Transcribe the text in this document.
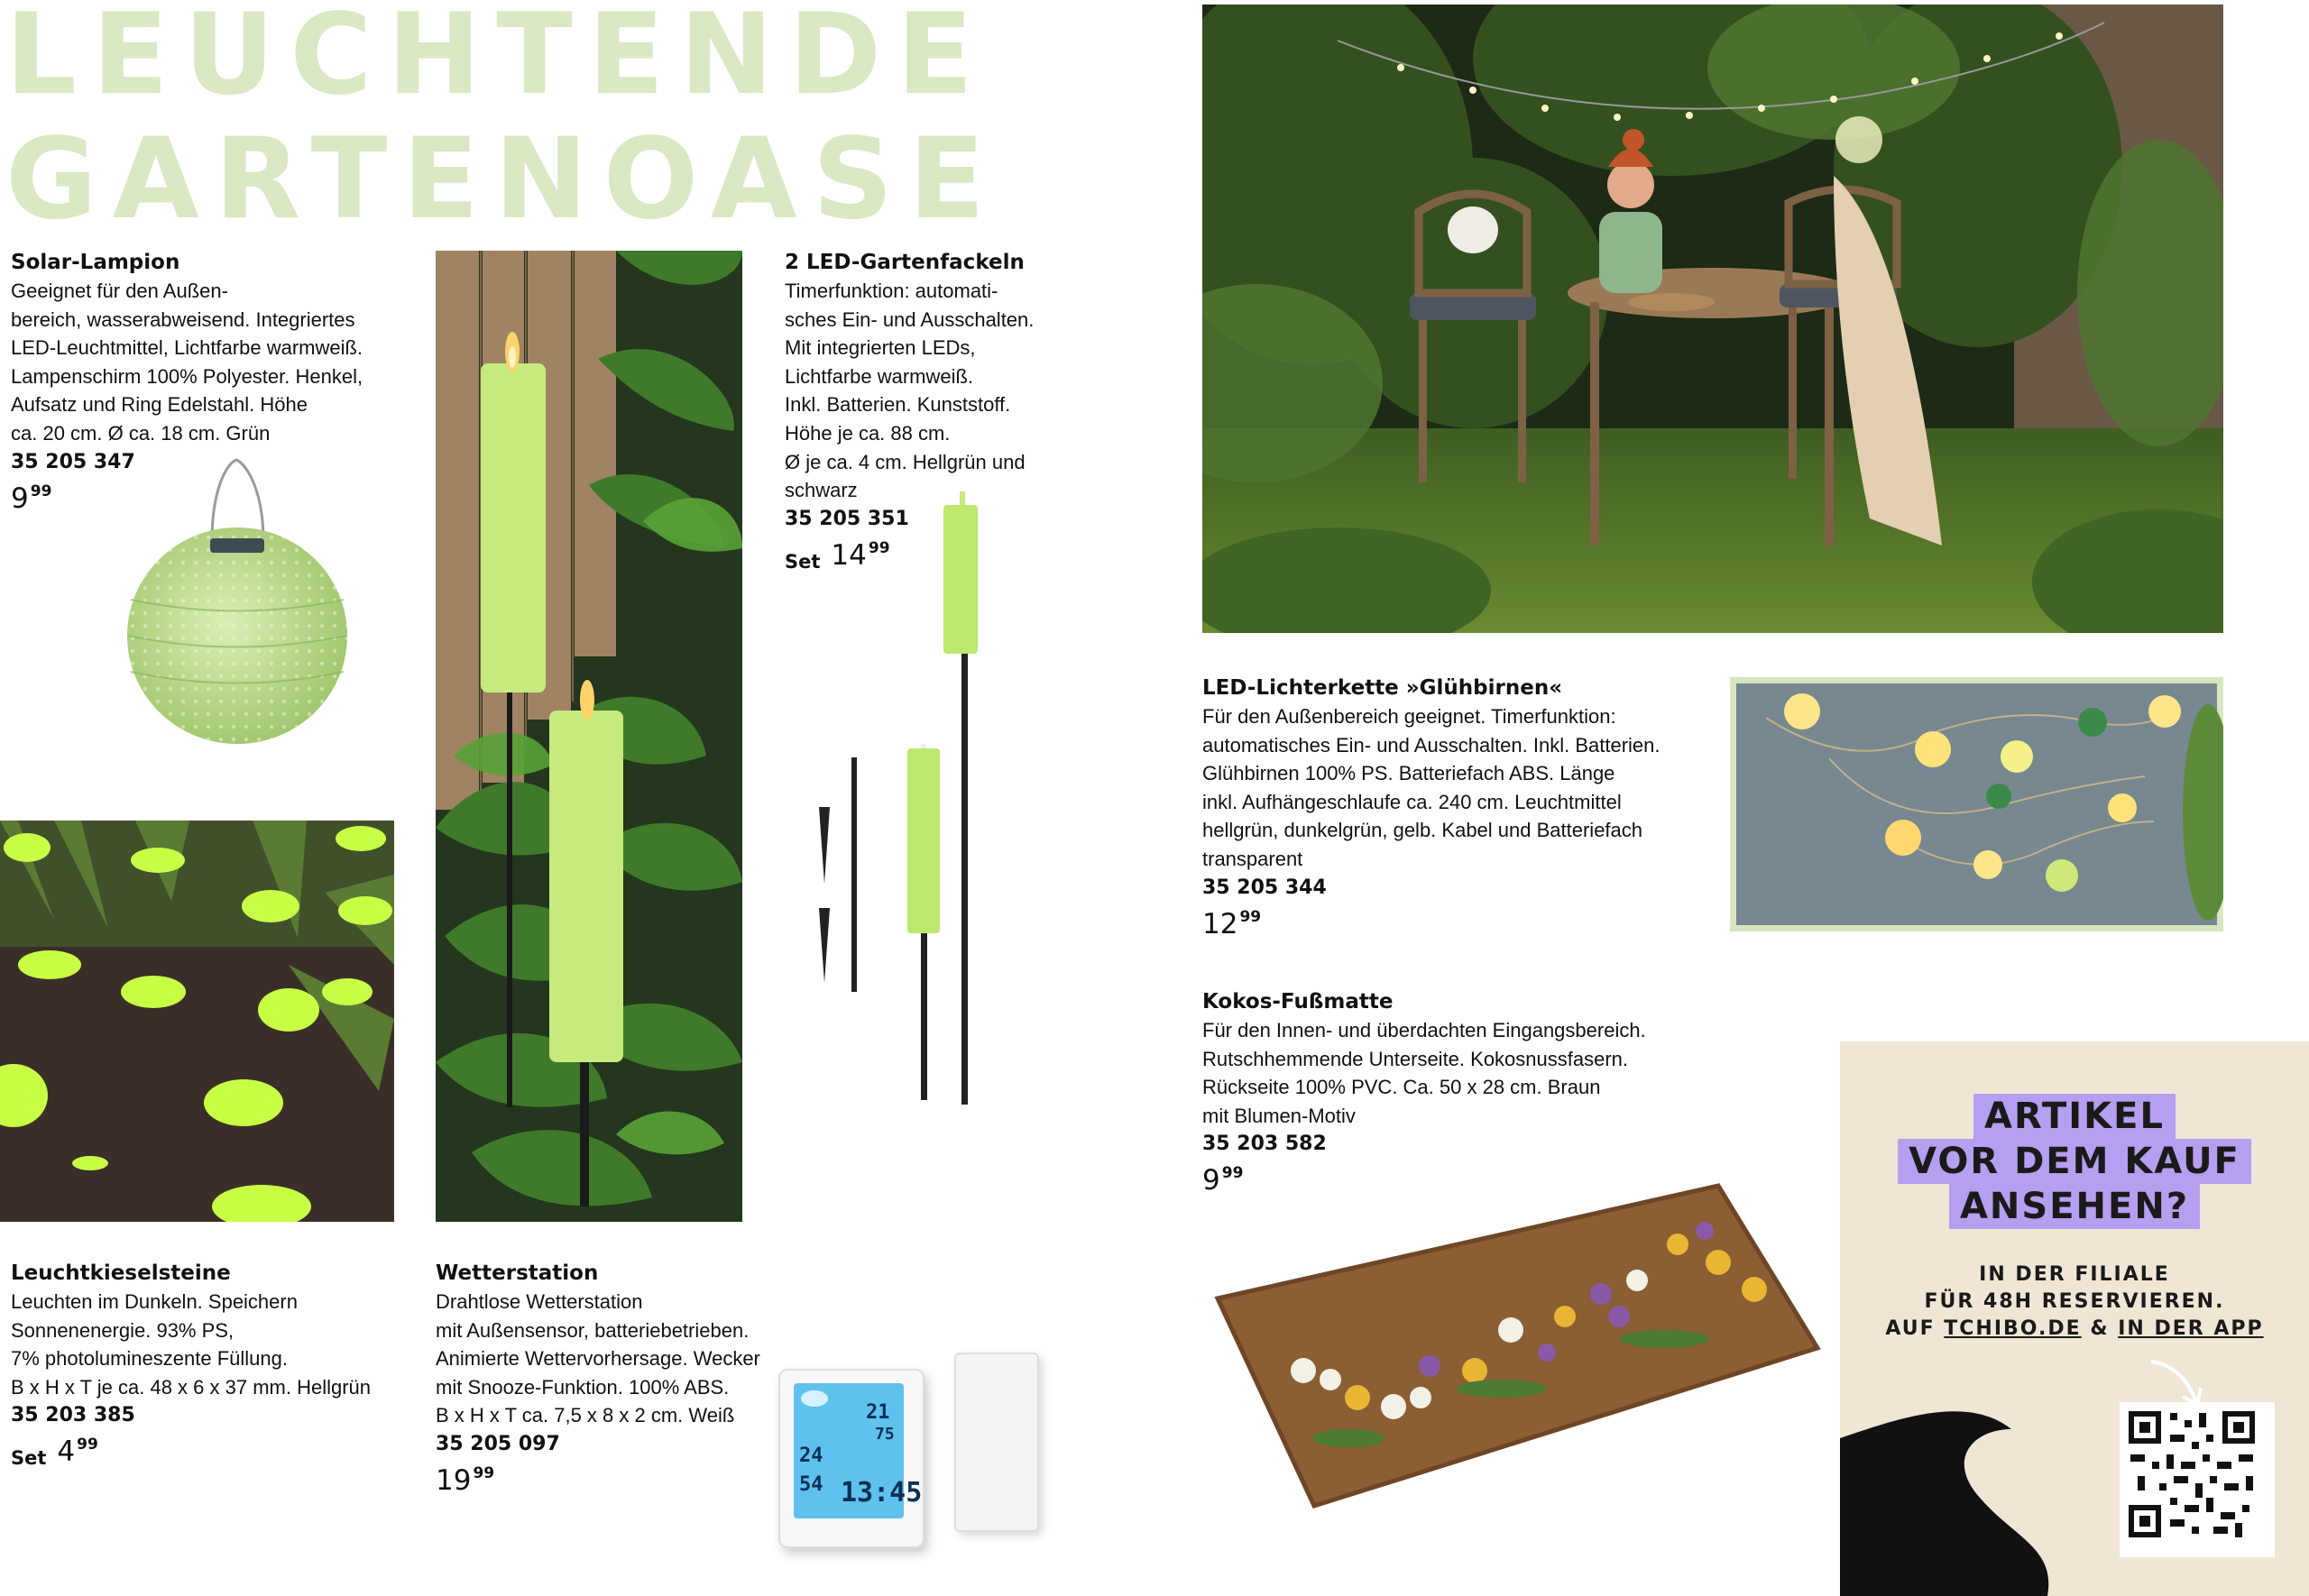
LEUCHTENDE
GARTENOASE
Solar-Lampion

Geeignet für den Außen-
bereich, wasserabweisend. Integriertes
LED-Leuchtmittel, Lichtfarbe warmweiß.
Lampenschirm 100% Polyester. Henkel,
Aufsatz und Ring Edelstahl. Höhe
ca. 20 cm. Ø ca. 18 cm. Grün

35 205 347
9 99
Leuchtkieselsteine

Leuchten im Dunkeln. Speichern
Sonnenenergie. 93% PS,
7% photolumineszente Füllung.
B x H x T je ca. 48 x 6 x 37 mm. Hellgrün

35 203 385
Set 4 99
2 LED-Gartenfackeln

Timerfunktion: automati-
sches Ein- und Ausschalten.
Mit integrierten LEDs,
Lichtfarbe warmweiß.
Inkl. Batterien. Kunststoff.
Höhe je ca. 88 cm.
Ø je ca. 4 cm. Hellgrün und
schwarz

35 205 351
Set 14 99
Wetterstation

Drahtlose Wetterstation
mit Außensensor, batteriebetrieben.
Animierte Wettervorhersage. Wecker
mit Snooze-Funktion. 100% ABS.
B x H x T ca. 7,5 x 8 x 2 cm. Weiß

35 205 097
19 99
21
75
24
54 13:45
LED-Lichterkette »Glühbirnen«

Für den Außenbereich geeignet. Timerfunktion:
automatisches Ein- und Ausschalten. Inkl. Batterien.
Glühbirnen 100% PS. Batteriefach ABS. Länge
inkl. Aufhängeschlaufe ca. 240 cm. Leuchtmittel
hellgrün, dunkelgrün, gelb. Kabel und Batteriefach
transparent

35 205 344
12 99
Kokos-Fußmatte

Für den Innen- und überdachten Eingangsbereich.
Rutschhemmende Unterseite. Kokosnussfasern.
Rückseite 100% PVC. Ca. 50 x 28 cm. Braun
mit Blumen-Motiv

35 203 582
9 99
ARTIKEL
VOR DEM KAUF
ANSEHEN?
IN DER FILIALE
FÜR 48H RESERVIEREN.
AUF TCHIBO.DE & IN DER APP
